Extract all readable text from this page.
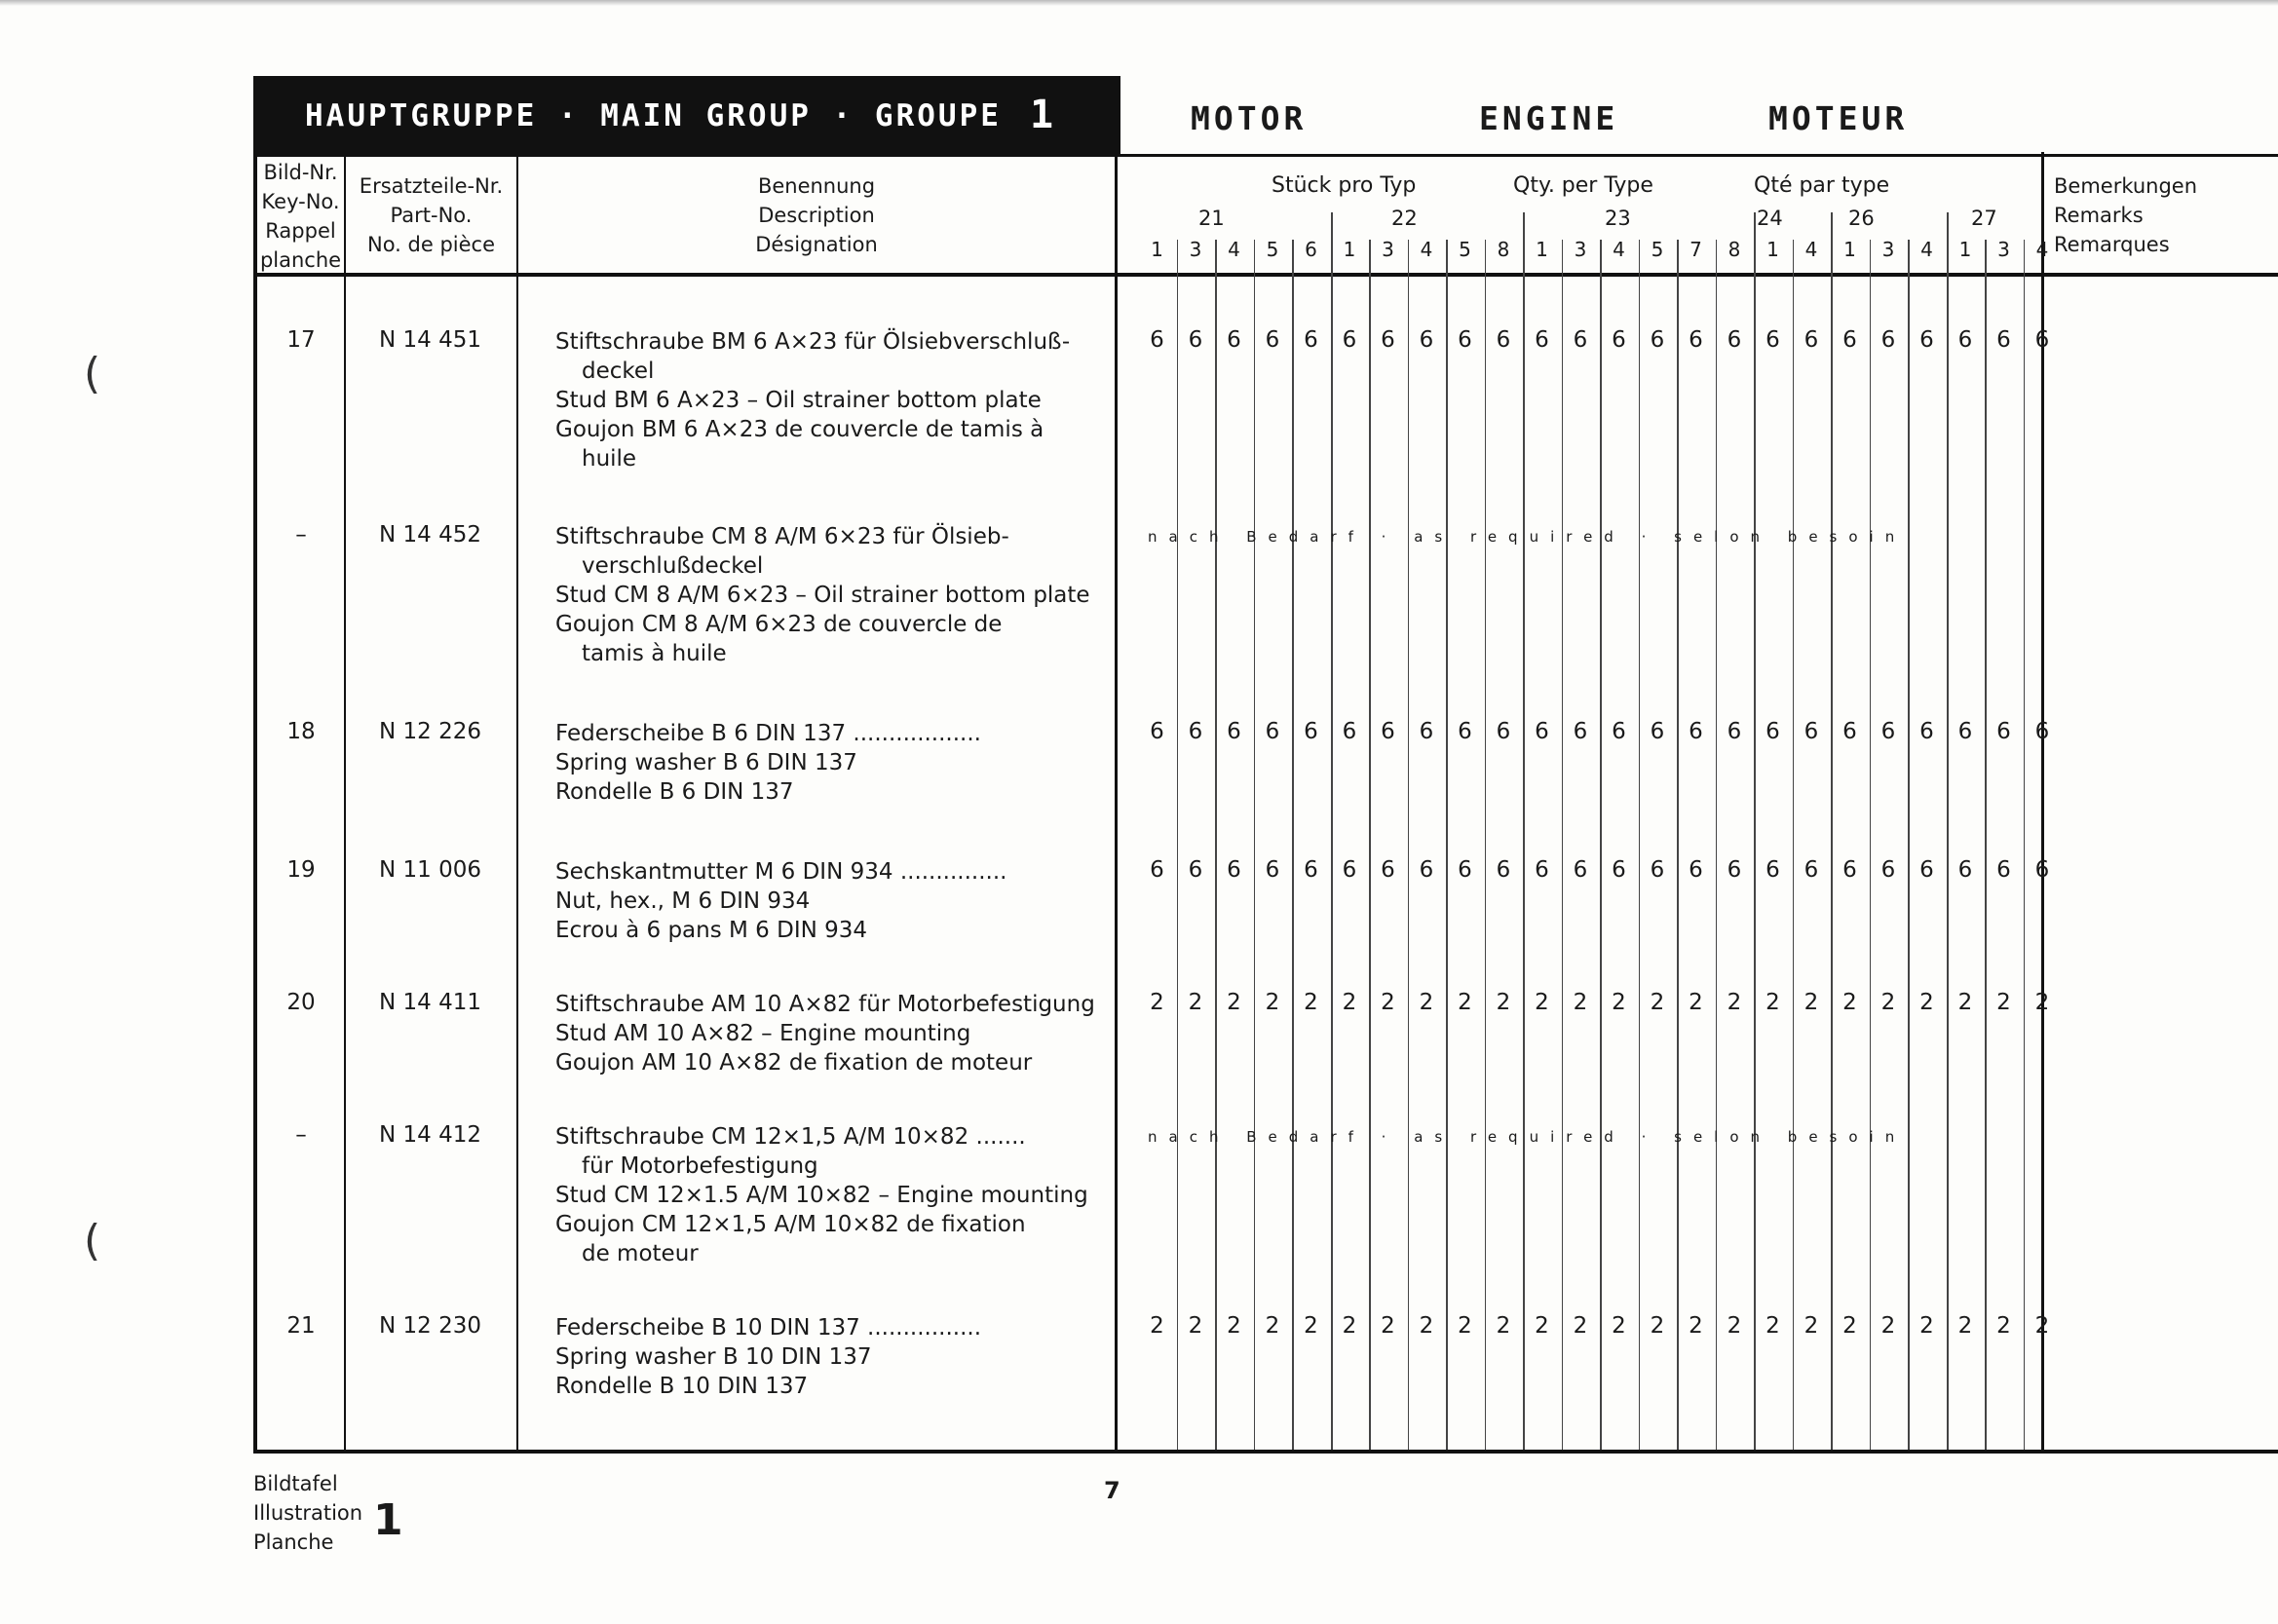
(
(
HAUPTGRUPPE · MAIN GROUP · GROUPE 1	MOTOR	ENGINE	MOTEUR
Bild-Nr.
Key-No.
Rappel
planche
Ersatzteile-Nr.
Part-No.
No. de pièce
Benennung
Description
Désignation
Stück pro Typ	Qty. per Type	Qté par type	Bemerkungen
Remarks
Remarques
21	22	23	24	26	27
1	3	4	5	6	1	3	4	5	8	1	3	4	5	7	8	1	4	1	3	4	1	3	4
17	N 14 451	Stiftschraube BM 6 A×23 für Ölsiebverschluß-
deckel
Stud BM 6 A×23 – Oil strainer bottom plate
Goujon BM 6 A×23 de couvercle de tamis à
huile
6	6	6	6	6	6	6	6	6	6	6	6	6	6	6	6	6	6	6	6	6	6	6	6
–	N 14 452	Stiftschraube CM 8 A/M 6×23 für Ölsieb-
verschlußdeckel
Stud CM 8 A/M 6×23 – Oil strainer bottom plate
Goujon CM 8 A/M 6×23 de couvercle de
tamis à huile
nach Bedarf · as required · selon besoin
18	N 12 226	Federscheibe B 6 DIN 137 ..................
Spring washer B 6 DIN 137
Rondelle B 6 DIN 137
6	6	6	6	6	6	6	6	6	6	6	6	6	6	6	6	6	6	6	6	6	6	6	6
19	N 11 006	Sechskantmutter M 6 DIN 934 ...............
Nut, hex., M 6 DIN 934
Ecrou à 6 pans M 6 DIN 934
6	6	6	6	6	6	6	6	6	6	6	6	6	6	6	6	6	6	6	6	6	6	6	6
20	N 14 411	Stiftschraube AM 10 A×82 für Motorbefestigung
Stud AM 10 A×82 – Engine mounting
Goujon AM 10 A×82 de fixation de moteur
2	2	2	2	2	2	2	2	2	2	2	2	2	2	2	2	2	2	2	2	2	2	2	2
–	N 14 412	Stiftschraube CM 12×1,5 A/M 10×82 .......
für Motorbefestigung
Stud CM 12×1.5 A/M 10×82 – Engine mounting
Goujon CM 12×1,5 A/M 10×82 de fixation
de moteur
nach Bedarf · as required · selon besoin
21	N 12 230	Federscheibe B 10 DIN 137 ................
Spring washer B 10 DIN 137
Rondelle B 10 DIN 137
2	2	2	2	2	2	2	2	2	2	2	2	2	2	2	2	2	2	2	2	2	2	2	2
Bildtafel
Illustration
Planche 1
7
